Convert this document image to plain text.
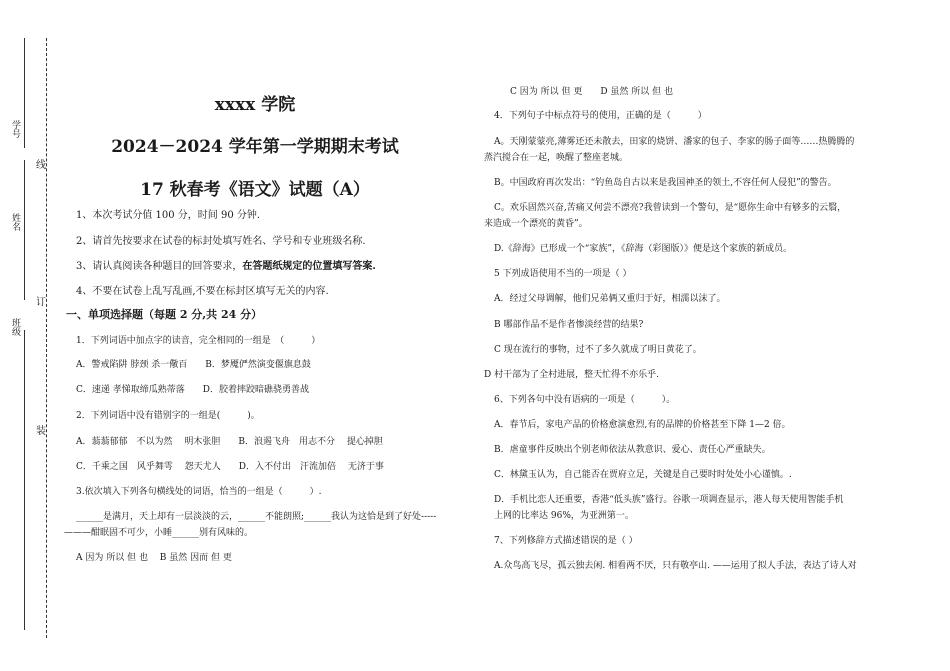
学号
姓名
班级
线
订
装
xxxx 学院
2024－2024 学年第一学期期末考试
17 秋春考《语文》试题（A）
1、本次考试分值 100 分，时间 90 分钟.
2、请首先按要求在试卷的标封处填写姓名、学号和专业班级名称.
3、请认真阅读各种题目的回答要求，在答题纸规定的位置填写答案.
4、不要在试卷上乱写乱画,不要在标封区填写无关的内容.
一、单项选择题（每题 2 分,共 24 分）
1．下列词语中加点字的读音，完全相同的一组是　（　　　）
A．警戒陷阱 脖颈 杀一儆百　　B．梦魇俨然演变偃旗息鼓
C．速递 孝悌取缔瓜熟蒂落　　D．胶着摔跤暗礁骁勇善战
2．下列词语中没有错别字的一组是(　　　)。
A．蓊蓊郁郁　不以为然　 明木张胆　　B．浪遏飞舟　用志不分　 提心掉胆
C．千乘之国　风乎舞雩　 怨天尤人　　D．入不付出　汗流加倍　 无济于事
3.依次填入下列各句横线处的词语，恰当的一组是（　　　）.
______是满月，天上却有一层淡淡的云，______不能朗照;______我认为这恰是到了好处-----
———酣眠固不可少，小睡______别有风味的。
A 因为 所以 但 也　 B 虽然 因而 但 更
C 因为 所以 但 更　　D 虽然 所以 但 也
4．下列句子中标点符号的使用，正确的是（　　　）
A。天刚蒙蒙亮,薄雾还还未散去，田家的烧饼、潘家的包子、李家的肠子面等……热腾腾的
蒸汽搅合在一起，唤醒了整座老城。
B。中国政府再次发出：“钓鱼岛自古以来是我国神圣的领土,不容任何人侵犯”的警告。
C。欢乐固然兴奋,苦痛又何尝不漂亮?我曾读到一个警句，是“愿你生命中有够多的云翳，
来造成一个漂亮的黄昏”。
D.《辞海》已形成一个“家族”，《辞海（彩图版）》便是这个家族的新成员。
5 下列成语使用不当的一项是（ ）
A．经过父母调解，他们兄弟俩又重归于好，相濡以沫了。
B 哪部作品不是作者惨淡经营的结果?
C 现在流行的事物，过不了多久就成了明日黄花了。
D 村干部为了全村进展，整天忙得不亦乐乎.
6、下列各句中没有语病的一项是（　　　）。
A．春节后，家电产品的价格愈演愈烈,有的品牌的价格甚至下降 1—2 倍。
B．虐童事件反映出个别老师依法从教意识、爱心、责任心严重缺失。
C．林黛玉认为，自己能否在贾府立足，关键是自己要时时处处小心谨慎。.
D．手机比恋人还重要，香港“低头族”盛行。谷歌一项调查显示，港人每天使用智能手机
上网的比率达 96%，为亚洲第一。
7、下列修辞方式描述错误的是（ ）
A.众鸟高飞尽，孤云独去闲. 相看两不厌，只有敬亭山. ——运用了拟人手法，表达了诗人对
